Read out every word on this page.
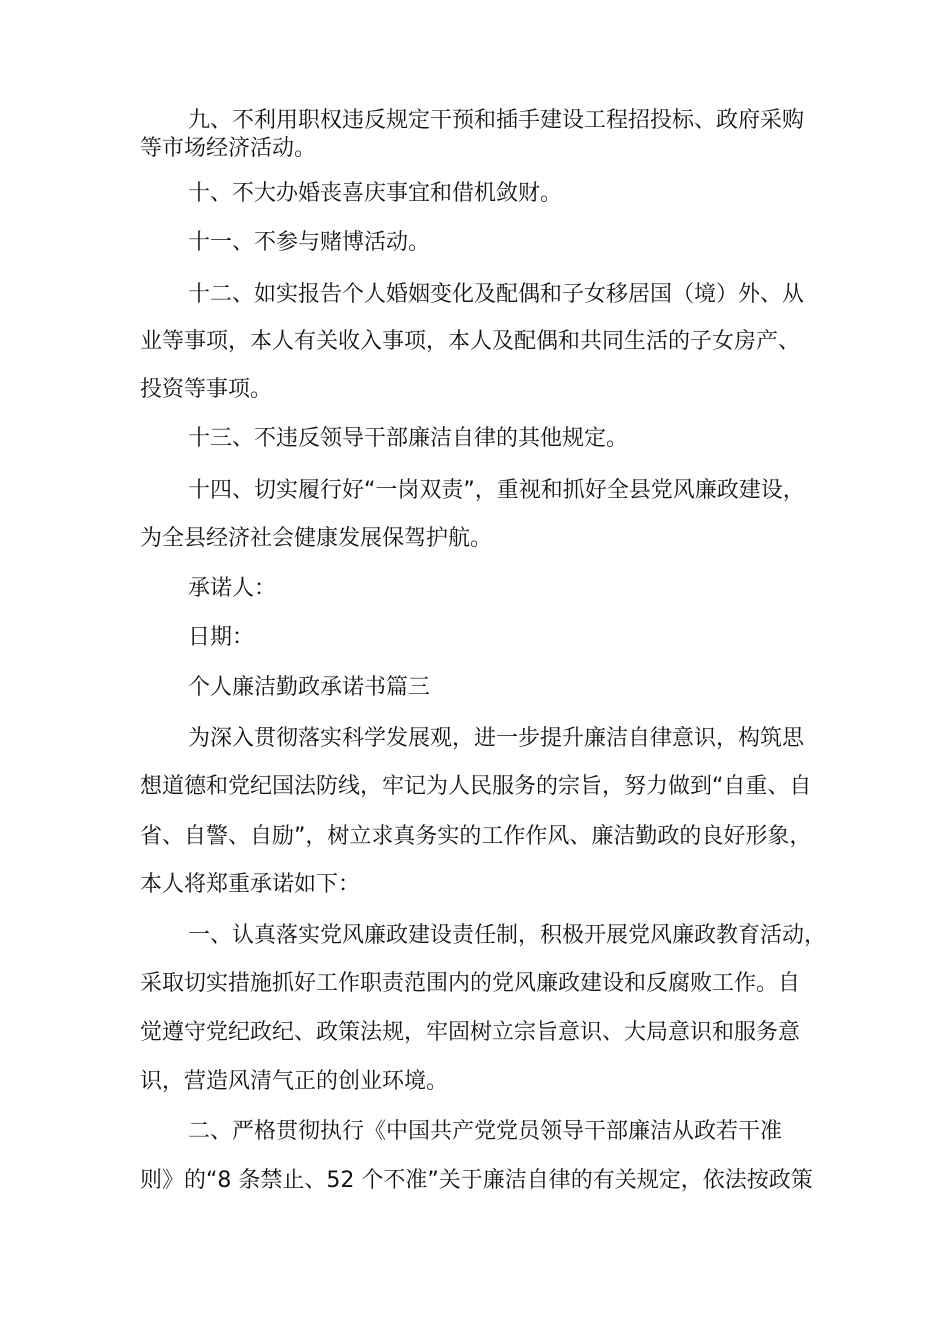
九、不利用职权违反规定干预和插手建设工程招投标、政府采购
等市场经济活动。
十、不大办婚丧喜庆事宜和借机敛财。
十一、不参与赌博活动。
十二、如实报告个人婚姻变化及配偶和子女移居国（境）外、从
业等事项，本人有关收入事项，本人及配偶和共同生活的子女房产、
投资等事项。
十三、不违反领导干部廉洁自律的其他规定。
十四、切实履行好“一岗双责”，重视和抓好全县党风廉政建设，
为全县经济社会健康发展保驾护航。
承诺人：
日期：
个人廉洁勤政承诺书篇三
为深入贯彻落实科学发展观，进一步提升廉洁自律意识，构筑思
想道德和党纪国法防线，牢记为人民服务的宗旨，努力做到“自重、自
省、自警、自励”，树立求真务实的工作作风、廉洁勤政的良好形象，
本人将郑重承诺如下：
一、认真落实党风廉政建设责任制，积极开展党风廉政教育活动，
采取切实措施抓好工作职责范围内的党风廉政建设和反腐败工作。自
觉遵守党纪政纪、政策法规，牢固树立宗旨意识、大局意识和服务意
识，营造风清气正的创业环境。
二、严格贯彻执行《中国共产党党员领导干部廉洁从政若干准
则》的“8 条禁止、52 个不准”关于廉洁自律的有关规定，依法按政策
